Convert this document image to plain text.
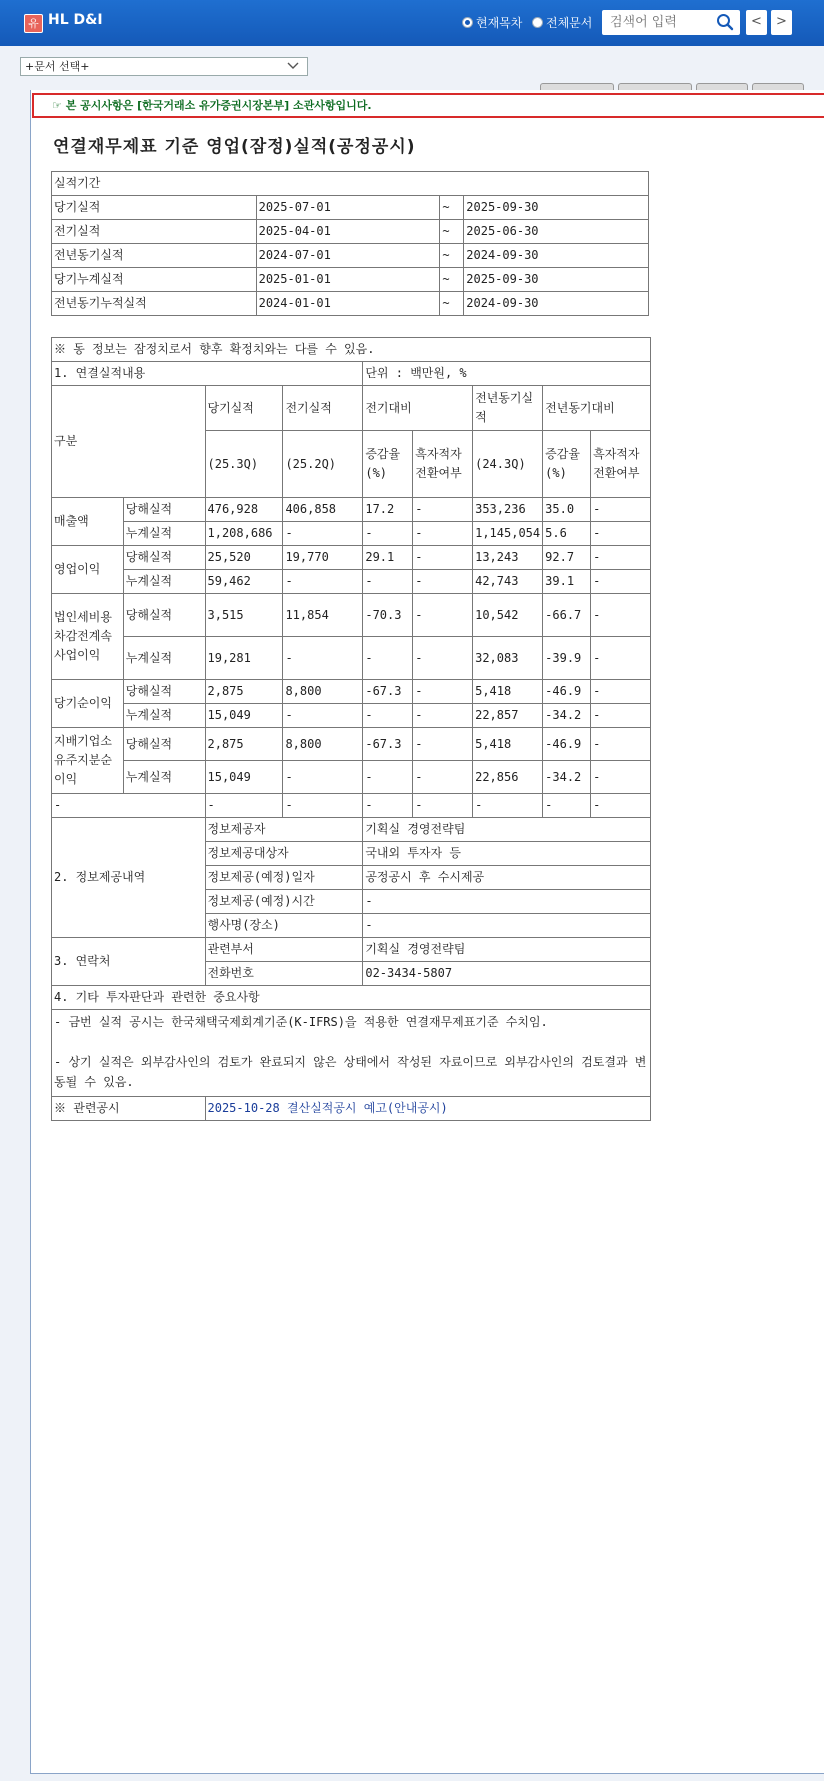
유 HL D&I	현재목차 전체문서
검색어 입력	<	>
+문서 선택+
☞ 본 공시사항은 [한국거래소 유가증권시장본부] 소관사항입니다.
연결재무제표 기준 영업(잠정)실적(공정공시)
실적기간			
당기실적	2025-07-01	~	2025-09-30
전기실적	2025-04-01	~	2025-06-30
전년동기실적	2024-07-01	~	2024-09-30
당기누계실적	2025-01-01	~	2025-09-30
전년동기누적실적	2024-01-01	~	2024-09-30
※ 동 정보는 잠정치로서 향후 확정치와는 다를 수 있음.								
1. 연결실적내용				단위 : 백만원, %				
구분		당기실적	전기실적	전기대비		전년동기실적	전년동기대비	
		(25.3Q)	(25.2Q)	증감율(%)	흑자적자전환여부	(24.3Q)	증감율(%)	흑자적자전환여부
매출액	당해실적	476,928	406,858	17.2	-	353,236	35.0	-
	누계실적	1,208,686	-	-	-	1,145,054	5.6	-
영업이익	당해실적	25,520	19,770	29.1	-	13,243	92.7	-
	누계실적	59,462	-	-	-	42,743	39.1	-
법인세비용차감전계속사업이익	당해실적	3,515	11,854	-70.3	-	10,542	-66.7	-
	누계실적	19,281	-	-	-	32,083	-39.9	-
당기순이익	당해실적	2,875	8,800	-67.3	-	5,418	-46.9	-
	누계실적	15,049	-	-	-	22,857	-34.2	-
지배기업소유주지분순이익	당해실적	2,875	8,800	-67.3	-	5,418	-46.9	-
	누계실적	15,049	-	-	-	22,856	-34.2	-
-		-	-	-	-	-	-	-
2. 정보제공내역		정보제공자		기획실 경영전략팀				
		정보제공대상자		국내외 투자자 등				
		정보제공(예정)일자		공정공시 후 수시제공				
		정보제공(예정)시간		-				
		행사명(장소)		-				
3. 연락처		관련부서		기획실 경영전략팀				
		전화번호		02-3434-5807				
4. 기타 투자판단과 관련한 중요사항								

- 금번 실적 공시는 한국채택국제회계기준(K-IFRS)을 적용한 연결재무제표기준 수치임.
- 상기 실적은 외부감사인의 검토가 완료되지 않은 상태에서 작성된 자료이므로 외부감사인의 검토결과 변동될 수 있음.								

※ 관련공시		2025-10-28 결산실적공시 예고(안내공시)						
